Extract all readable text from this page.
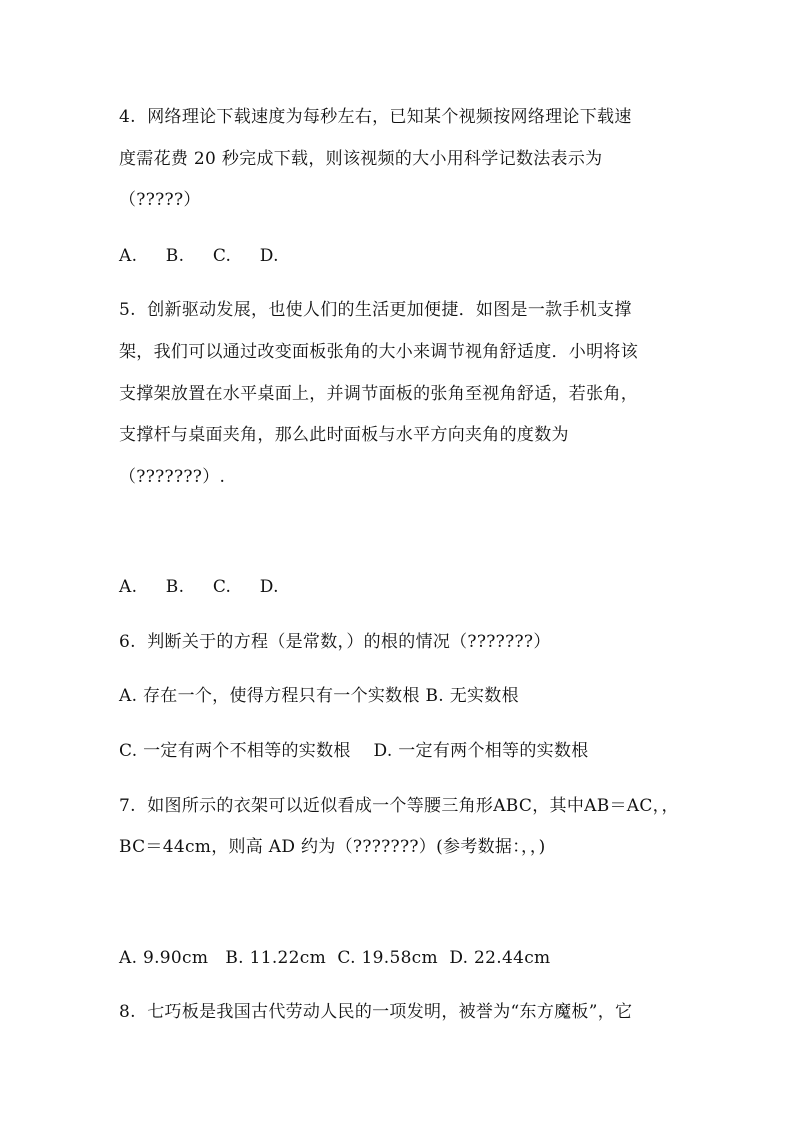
4.  网络理论下载速度为每秒左右，已知某个视频按网络理论下载速
度需花费 20 秒完成下载，则该视频的大小用科学记数法表示为
（?????）
A.     B.     C.     D.
5.  创新驱动发展，也使人们的生活更加便捷．如图是一款手机支撑
架，我们可以通过改变面板张角的大小来调节视角舒适度．小明将该
支撑架放置在水平桌面上，并调节面板的张角至视角舒适，若张角，
支撑杆与桌面夹角，那么此时面板与水平方向夹角的度数为
（???????）.
A.     B.     C.     D.
6.  判断关于的方程（是常数，）的根的情况（???????）
A. 存在一个，使得方程只有一个实数根 B. 无实数根
C. 一定有两个不相等的实数根    D. 一定有两个相等的实数根
7.  如图所示的衣架可以近似看成一个等腰三角形ABC，其中AB＝AC，，
BC＝44cm，则高 AD 约为（???????）(参考数据：，，)
A. 9.90cm   B. 11.22cm  C. 19.58cm  D. 22.44cm
8.  七巧板是我国古代劳动人民的一项发明，被誉为“东方魔板”，它
